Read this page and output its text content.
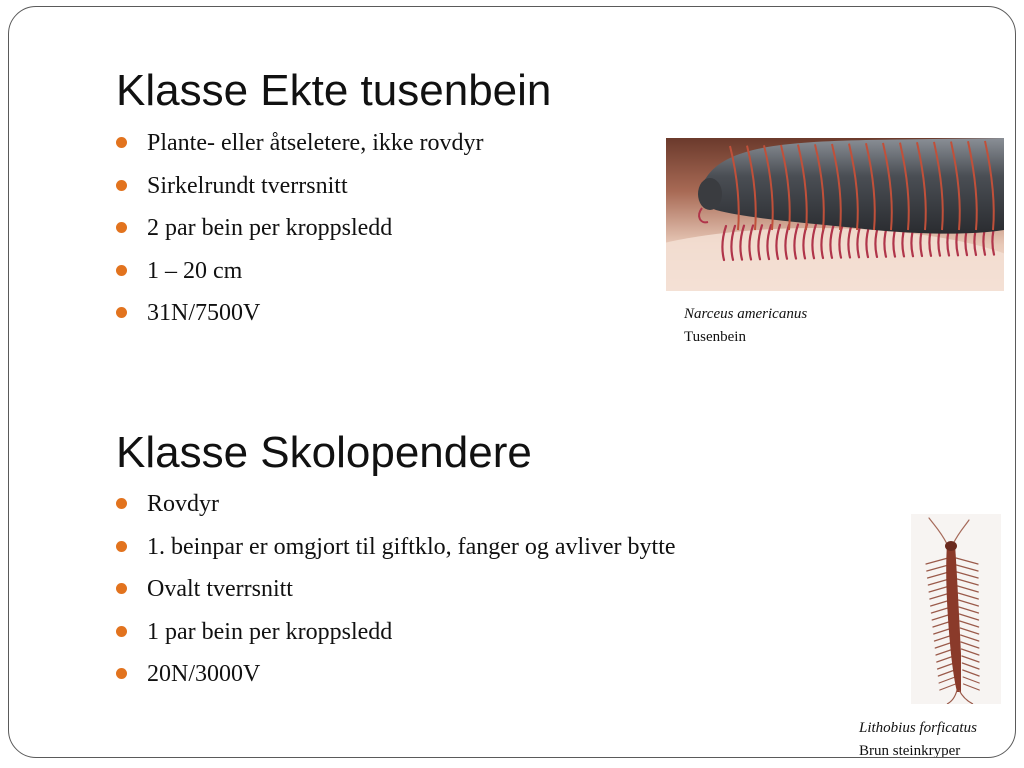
Klasse Ekte tusenbein
Plante- eller åtseletere, ikke rovdyr
Sirkelrundt tverrsnitt
2 par bein per kroppsledd
1 – 20 cm
31N/7500V	Narceus americanus
Tusenbein
Klasse Skolopendere
Rovdyr
1. beinpar er omgjort til giftklo, fanger og avliver bytte
Ovalt tverrsnitt
1 par bein per kroppsledd
20N/3000V
Lithobius forficatus
Brun steinkryper
